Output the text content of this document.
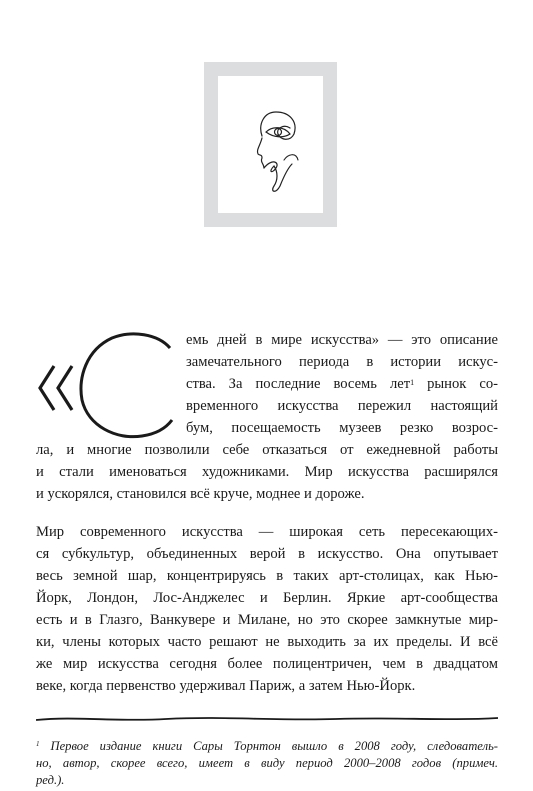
емь дней в мире искусства» — это описание
замечательного периода в истории искус-
ства. За последние восемь лет$^1$ рынок со-
временного искусства пережил настоящий
бум, посещаемость музеев резко возрос-
ла, и многие позволили себе отказаться от ежедневной работы
и стали именоваться художниками. Мир искусства расширялся
и ускорялся, становился всё круче, моднее и дороже.
Мир современного искусства — широкая сеть пересекающих-
ся субкультур, объединенных верой в искусство. Она опутывает
весь земной шар, концентрируясь в таких арт-столицах, как Нью-
Йорк, Лондон, Лос-Анджелес и Берлин. Яркие арт-сообщества
есть и в Глазго, Ванкувере и Милане, но это скорее замкнутые мир-
ки, члены которых часто решают не выходить за их пределы. И всё
же мир искусства сегодня более полицентричен, чем в двадцатом
веке, когда первенство удерживал Париж, а затем Нью-Йорк.
$^1$ Первое издание книги Сары Торнтон вышло в 2008 году, следователь-
но, автор, скорее всего, имеет в виду период 2000–2008 годов (примеч.
ред.).
